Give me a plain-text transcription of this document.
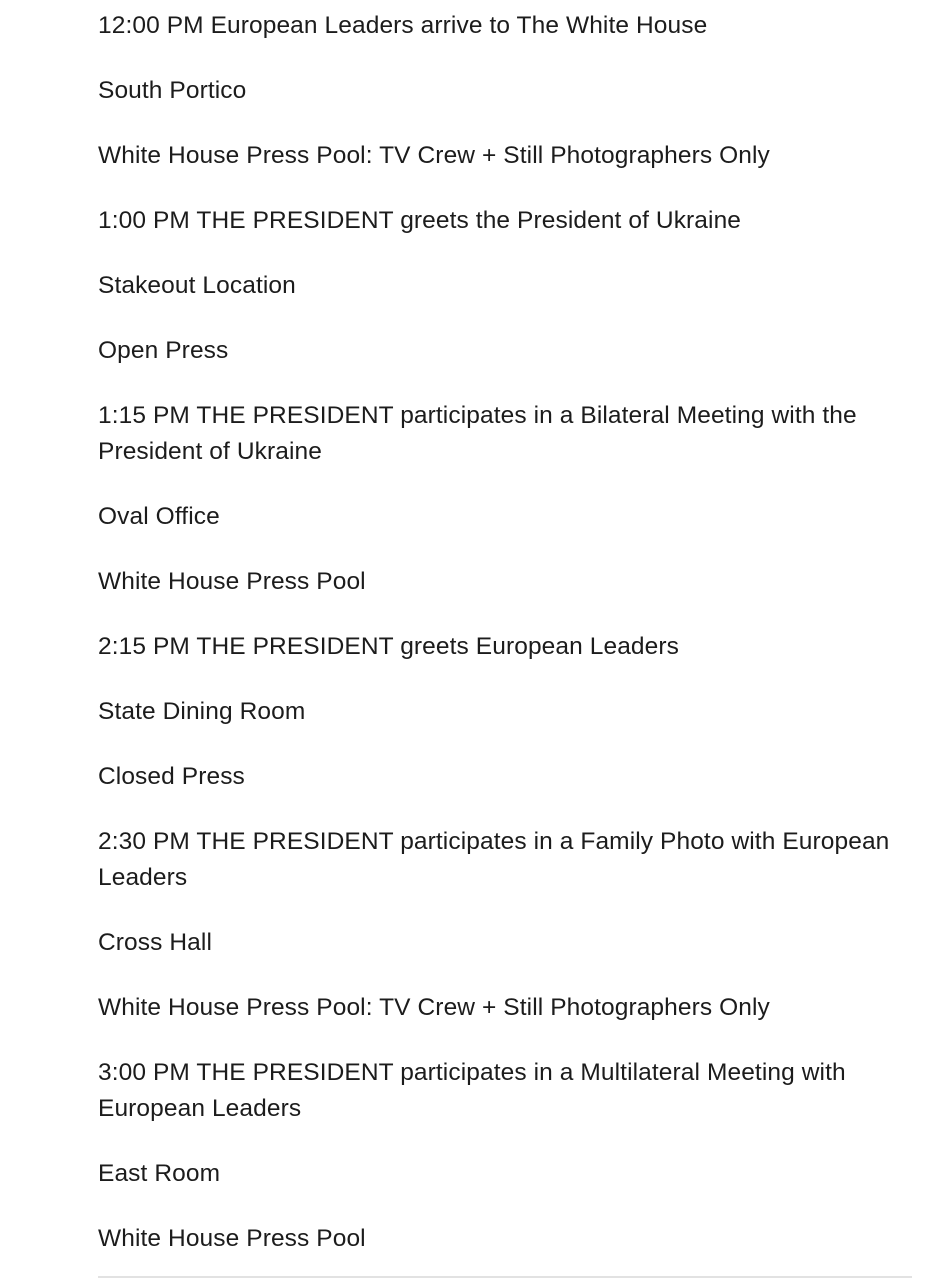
12:00 PM European Leaders arrive to The White House

South Portico

White House Press Pool: TV Crew + Still Photographers Only

1:00 PM THE PRESIDENT greets the President of Ukraine

Stakeout Location

Open Press

1:15 PM THE PRESIDENT participates in a Bilateral Meeting with the President of Ukraine

Oval Office

White House Press Pool

2:15 PM THE PRESIDENT greets European Leaders

State Dining Room

Closed Press

2:30 PM THE PRESIDENT participates in a Family Photo with European Leaders

Cross Hall

White House Press Pool: TV Crew + Still Photographers Only

3:00 PM THE PRESIDENT participates in a Multilateral Meeting with European Leaders

East Room

White House Press Pool
